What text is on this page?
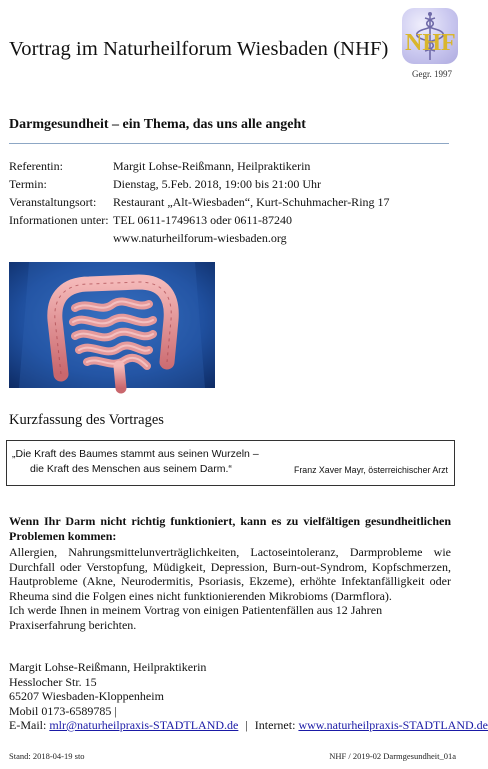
NHF
Gegr. 1997
Vortrag im Naturheilforum Wiesbaden (NHF)
Darmgesundheit – ein Thema, das uns alle angeht
Referentin:	Margit Lohse-Reißmann, Heilpraktikerin
Termin:	Dienstag, 5.Feb. 2018, 19:00 bis 21:00 Uhr
Veranstaltungsort:	Restaurant „Alt-Wiesbaden“, Kurt-Schuhmacher-Ring 17
Informationen unter: TEL 0611-1749613 oder 0611-87240
www.naturheilforum-wiesbaden.org
Kurzfassung des Vortrages
„Die Kraft des Baumes stammt aus seinen Wurzeln –
die Kraft des Menschen aus seinem Darm.“	Franz Xaver Mayr, österreichischer Arzt
Wenn Ihr Darm nicht richtig funktioniert, kann es zu vielfältigen gesundheitlichen Problemen kommen:
Allergien, Nahrungsmittelunverträglichkeiten, Lactoseintoleranz, Darmprobleme wie Durchfall oder Verstopfung, Müdigkeit, Depression, Burn-out-Syndrom, Kopfschmerzen, Hautprobleme (Akne, Neurodermitis, Psoriasis, Ekzeme), erhöhte Infektanfälligkeit oder Rheuma sind die Folgen eines nicht funktionierenden Mikrobioms (Darmflora).
Ich werde Ihnen in meinem Vortrag von einigen Patientenfällen aus 12 Jahren Praxiserfahrung berichten.
Margit Lohse-Reißmann, Heilpraktikerin
Hesslocher Str. 15
65207 Wiesbaden-Kloppenheim
Mobil 0173-6589785 |
E-Mail: mlr@naturheilpraxis-STADTLAND.de | Internet: www.naturheilpraxis-STADTLAND.de
Stand: 2018-04-19 sto	NHF / 2019-02 Darmgesundheit_01a
